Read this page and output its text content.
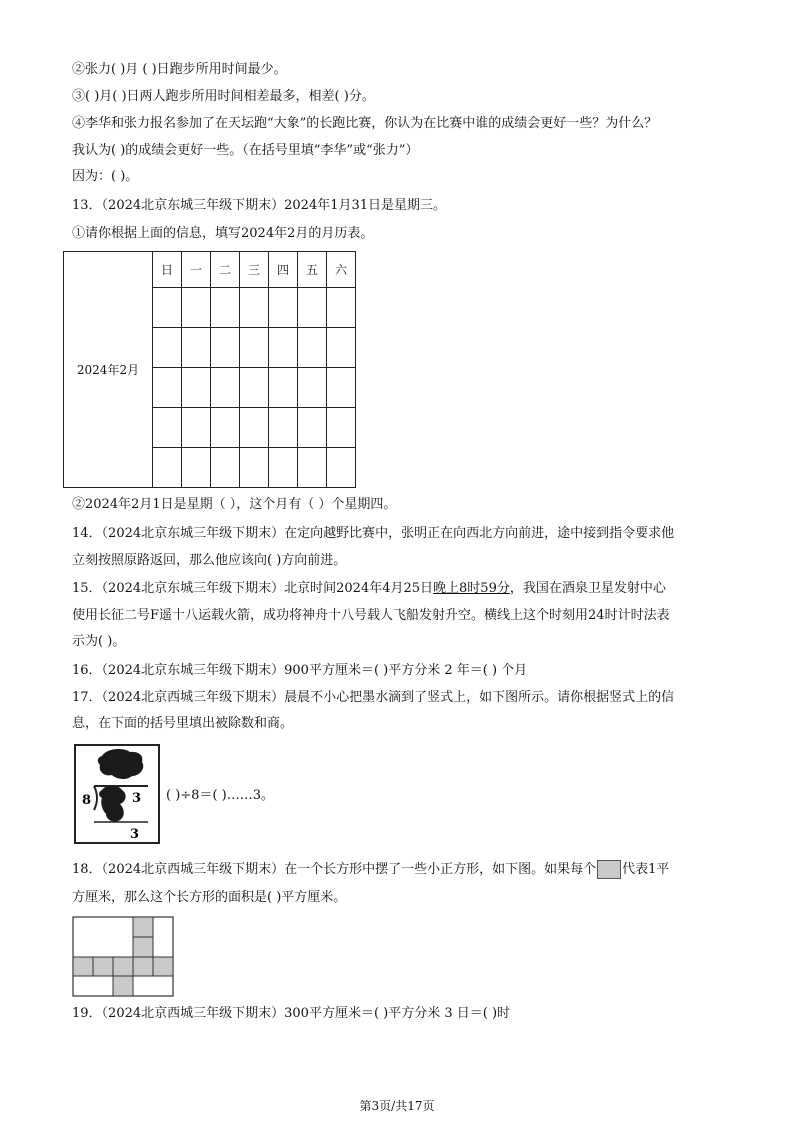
②张力( )月 ( )日跑步所用时间最少。
③( )月( )日两人跑步所用时间相差最多，相差( )分。
④李华和张力报名参加了在天坛跑“大象”的长跑比赛，你认为在比赛中谁的成绩会更好一些？为什么？
我认为( )的成绩会更好一些。（在括号里填“李华”或“张力”）
因为：( )。
13．（2024北京东城三年级下期末）2024年1月31日是星期三。
①请你根据上面的信息，填写2024年2月的月历表。
2024年2月	日	一	二	三	四	五	六

②2024年2月1日是星期（ ），这个月有（ ）个星期四。
14．（2024北京东城三年级下期末）在定向越野比赛中，张明正在向西北方向前进，途中接到指令要求他
立刻按照原路返回，那么他应该向( )方向前进。
15．（2024北京东城三年级下期末）北京时间2024年4月25日晚上8时59分，我国在酒泉卫星发射中心
使用长征二号F遥十八运载火箭，成功将神舟十八号载人飞船发射升空。横线上这个时刻用24时计时法表
示为( )。
16．（2024北京东城三年级下期末）900平方厘米＝( )平方分米 2 年＝( ) 个月
17．（2024北京西城三年级下期末）晨晨不小心把墨水滴到了竖式上，如下图所示。请你根据竖式上的信
息，在下面的括号里填出被除数和商。
8	3
3
( )÷8＝( )……3。
18．（2024北京西城三年级下期末）在一个长方形中摆了一些小正方形，如下图。如果每个 代表1平
方厘米，那么这个长方形的面积是( )平方厘米。
19．（2024北京西城三年级下期末）300平方厘米＝( )平方分米 3 日＝( )时
第3页/共17页
